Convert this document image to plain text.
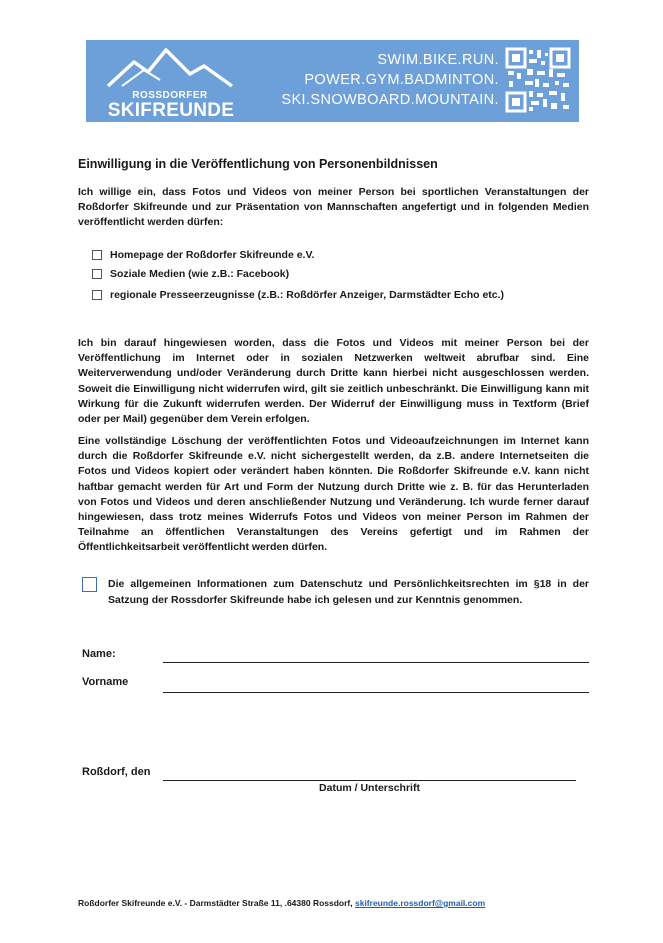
ROSSDORFER
SKIFREUNDE
SWIM.BIKE.RUN.
POWER.GYM.BADMINTON.
SKI.SNOWBOARD.MOUNTAIN.
Einwilligung in die Veröffentlichung von Personenbildnissen

Ich willige ein, dass Fotos und Videos von meiner Person bei sportlichen Veranstaltungen der Roßdorfer Skifreunde und zur Präsentation von Mannschaften angefertigt und in folgenden Medien veröffentlicht werden dürfen:

Homepage der Roßdorfer Skifreunde e.V.
Soziale Medien (wie z.B.: Facebook)
regionale Presseerzeugnisse (z.B.: Roßdörfer Anzeiger, Darmstädter Echo etc.)

Ich bin darauf hingewiesen worden, dass die Fotos und Videos mit meiner Person bei der Veröffentlichung im Internet oder in sozialen Netzwerken weltweit abrufbar sind. Eine Weiterverwendung und/oder Veränderung durch Dritte kann hierbei nicht ausgeschlossen werden. Soweit die Einwilligung nicht widerrufen wird, gilt sie zeitlich unbeschränkt. Die Einwilligung kann mit Wirkung für die Zukunft widerrufen werden. Der Widerruf der Einwilligung muss in Textform (Brief oder per Mail) gegenüber dem Verein erfolgen.

Eine vollständige Löschung der veröffentlichten Fotos und Videoaufzeichnungen im Internet kann durch die Roßdorfer Skifreunde e.V. nicht sichergestellt werden, da z.B. andere Internetseiten die Fotos und Videos kopiert oder verändert haben könnten. Die Roßdorfer Skifreunde e.V. kann nicht haftbar gemacht werden für Art und Form der Nutzung durch Dritte wie z. B. für das Herunterladen von Fotos und Videos und deren anschließender Nutzung und Veränderung. Ich wurde ferner darauf hingewiesen, dass trotz meines Widerrufs Fotos und Videos von meiner Person im Rahmen der Teilnahme an öffentlichen Veranstaltungen des Vereins gefertigt und im Rahmen der Öffentlichkeitsarbeit veröffentlicht werden dürfen.

Die allgemeinen Informationen zum Datenschutz und Persönlichkeitsrechten im §18 in der Satzung der Rossdorfer Skifreunde habe ich gelesen und zur Kenntnis genommen.

Name:
Vorname
Roßdorf, den
Datum / Unterschrift
Roßdorfer Skifreunde e.V. - Darmstädter Straße 11, .64380 Rossdorf, skifreunde.rossdorf@gmail.com
